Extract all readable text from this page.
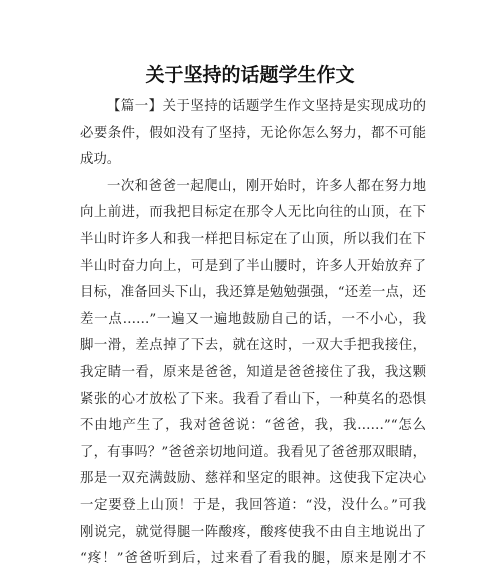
关于坚持的话题学生作文

【篇一】关于坚持的话题学生作文坚持是实现成功的
必要条件，假如没有了坚持，无论你怎么努力，都不可能
成功。

一次和爸爸一起爬山，刚开始时，许多人都在努力地
向上前进，而我把目标定在那令人无比向往的山顶，在下
半山时许多人和我一样把目标定在了山顶，所以我们在下
半山时奋力向上，可是到了半山腰时，许多人开始放弃了
目标，准备回头下山，我还算是勉勉强强，“还差一点，还
差一点……”一遍又一遍地鼓励自己的话，一不小心，我
脚一滑，差点掉了下去，就在这时，一双大手把我接住，
我定睛一看，原来是爸爸，知道是爸爸接住了我，我这颗
紧张的心才放松了下来。我看了看山下，一种莫名的恐惧
不由地产生了，我对爸爸说：“爸爸，我，我……”“怎么
了，有事吗？”爸爸亲切地问道。我看见了爸爸那双眼睛，
那是一双充满鼓励、慈祥和坚定的眼神。这使我下定决心
一定要登上山顶！于是，我回答道：“没，没什么。”可我
刚说完，就觉得腿一阵酸疼，酸疼使我不由自主地说出了
“疼！”爸爸听到后，过来看了看我的腿，原来是刚才不
